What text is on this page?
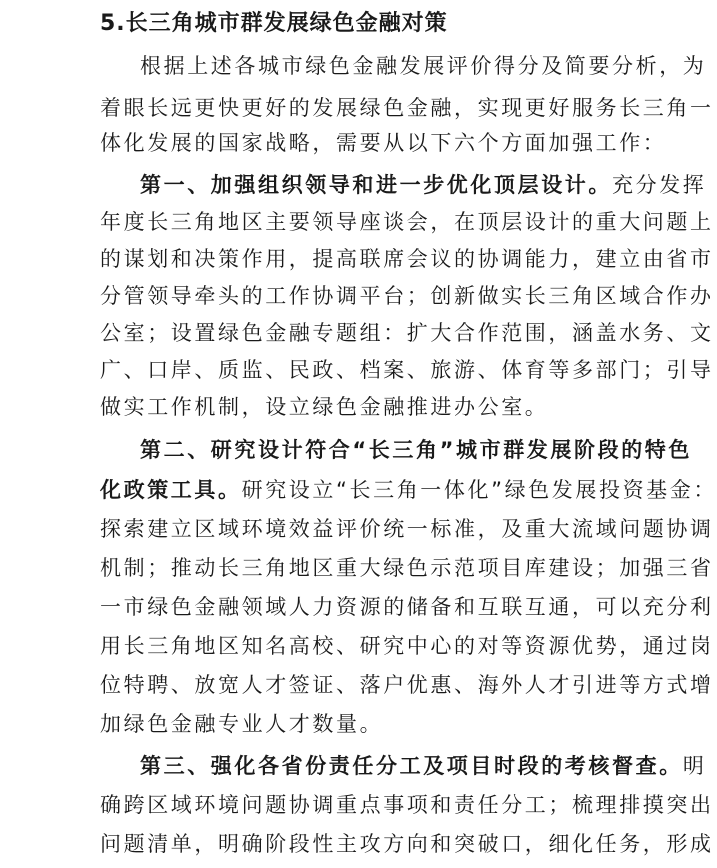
5.长三角城市群发展绿色金融对策
根据上述各城市绿色金融发展评价得分及简要分析，为
着眼长远更快更好的发展绿色金融，实现更好服务长三角一
体化发展的国家战略，需要从以下六个方面加强工作：
第一、加强组织领导和进一步优化顶层设计。充分发挥
年度长三角地区主要领导座谈会，在顶层设计的重大问题上
的谋划和决策作用，提高联席会议的协调能力，建立由省市
分管领导牵头的工作协调平台；创新做实长三角区域合作办
公室；设置绿色金融专题组：扩大合作范围，涵盖水务、文
广、口岸、质监、民政、档案、旅游、体育等多部门；引导
做实工作机制，设立绿色金融推进办公室。
第二、研究设计符合“长三角”城市群发展阶段的特色
化政策工具。研究设立“长三角一体化”绿色发展投资基金：
探索建立区域环境效益评价统一标准，及重大流域问题协调
机制；推动长三角地区重大绿色示范项目库建设；加强三省
一市绿色金融领域人力资源的储备和互联互通，可以充分利
用长三角地区知名高校、研究中心的对等资源优势，通过岗
位特聘、放宽人才签证、落户优惠、海外人才引进等方式增
加绿色金融专业人才数量。
第三、强化各省份责任分工及项目时段的考核督查。明
确跨区域环境问题协调重点事项和责任分工；梳理排摸突出
问题清单，明确阶段性主攻方向和突破口，细化任务，形成
